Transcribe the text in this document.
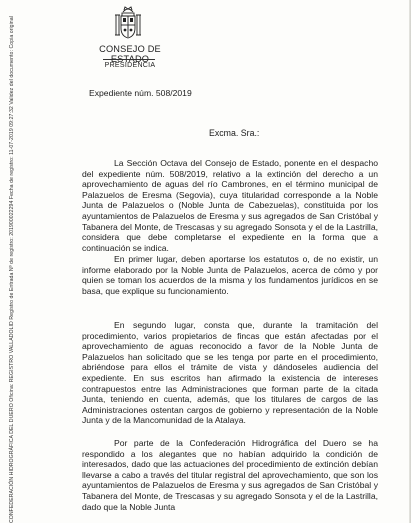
CONSEJO DE ESTADO
PRESIDENCIA
Expediente núm. 508/2019
Excma. Sra.:

La Sección Octava del Consejo de Estado, ponente en el despacho del expediente núm. 508/2019, relativo a la extinción del derecho a un aprovechamiento de aguas del río Cambrones, en el término municipal de Palazuelos de Eresma (Segovia), cuya titularidad corresponde a la Noble Junta de Palazuelos o (Noble Junta de Cabezuelas), constituida por los ayuntamientos de Palazuelos de Eresma y sus agregados de San Cristóbal y Tabanera del Monte, de Trescasas y su agregado Sonsota y el de la Lastrilla, considera que debe completarse el expediente en la forma que a continuación se indica.

En primer lugar, deben aportarse los estatutos o, de no existir, un informe elaborado por la Noble Junta de Palazuelos, acerca de cómo y por quien se toman los acuerdos de la misma y los fundamentos jurídicos en se basa, que explique su funcionamiento.

En segundo lugar, consta que, durante la tramitación del procedimiento, varios propietarios de fincas que están afectadas por el aprovechamiento de aguas reconocido a favor de la Noble Junta de Palazuelos han solicitado que se les tenga por parte en el procedimiento, abriéndose para ellos el trámite de vista y dándoseles audiencia del expediente. En sus escritos han afirmado la existencia de intereses contrapuestos entre las Administraciones que forman parte de la citada Junta, teniendo en cuenta, además, que los titulares de cargos de las Administraciones ostentan cargos de gobierno y representación de la Noble Junta y de la Mancomunidad de la Atalaya.

Por parte de la Confederación Hidrográfica del Duero se ha respondido a los alegantes que no habían adquirido la condición de interesados, dado que las actuaciones del procedimiento de extinción debían llevarse a cabo a través del titular registral del aprovechamiento, que son los ayuntamientos de Palazuelos de Eresma y sus agregados de San Cristóbal y Tabanera del Monte, de Trescasas y su agregado Sonsota y el de la Lastrilla, dado que la Noble Junta

CONFEDERACIÓN HIDROGRÁFICA DEL DUERO Oficina: REGISTRO VALLADOLID Registro de Entrada Nº de registro: 201900022294 Fecha de registro: 11-07-2019 09:27:32 Validez del documento: Copia original
